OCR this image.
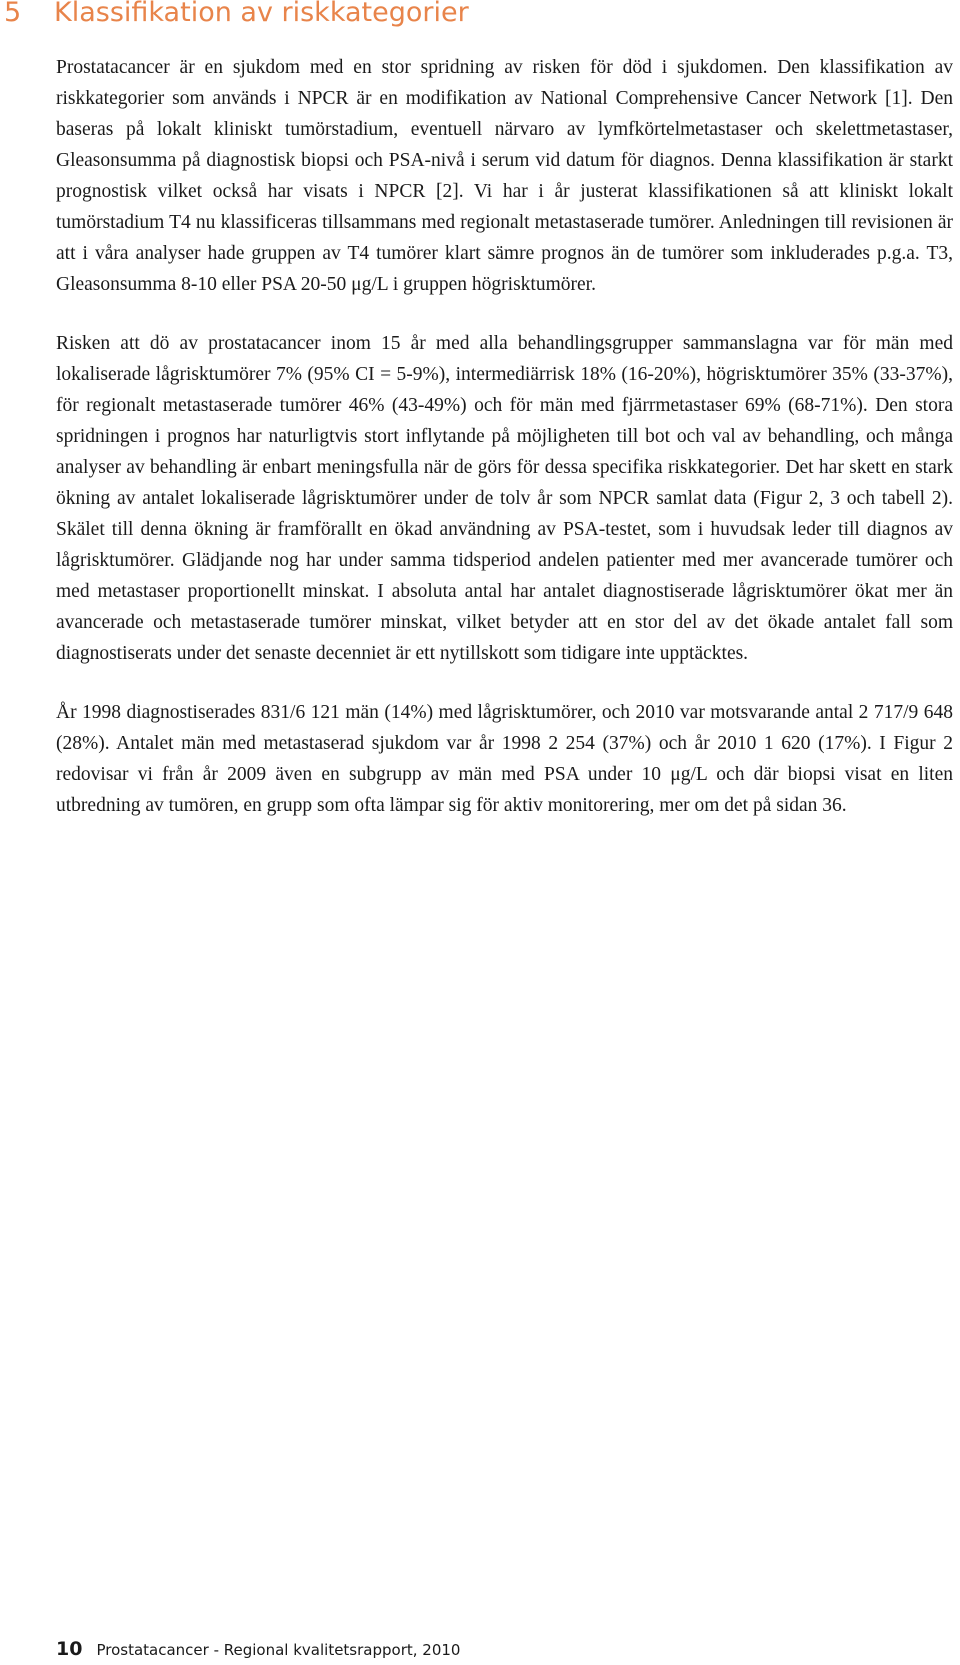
5 Klassifikation av riskkategorier

Prostatacancer är en sjukdom med en stor spridning av risken för död i sjukdomen. Den klassifikation av riskkategorier som används i NPCR är en modifikation av National Comprehensive Cancer Network [1]. Den baseras på lokalt kliniskt tumörstadium, eventuell närvaro av lymfkörtelmetastaser och skelettmetastaser, Gleasonsumma på diagnostisk biopsi och PSA-nivå i serum vid datum för diagnos. Denna klassifikation är starkt prognostisk vilket också har visats i NPCR [2]. Vi har i år justerat klassifikationen så att kliniskt lokalt tumörstadium T4 nu klassificeras tillsammans med regionalt metastaserade tumörer. Anledningen till revisionen är att i våra analyser hade gruppen av T4 tumörer klart sämre prognos än de tumörer som inkluderades p.g.a. T3, Gleasonsumma 8-10 eller PSA 20-50 μg/L i gruppen högrisktumörer.

Risken att dö av prostatacancer inom 15 år med alla behandlingsgrupper sammanslagna var för män med lokaliserade lågrisktumörer 7% (95% CI = 5-9%), intermediärrisk 18% (16-20%), högrisktumörer 35% (33-37%), för regionalt metastaserade tumörer 46% (43-49%) och för män med fjärrmetastaser 69% (68-71%). Den stora spridningen i prognos har naturligtvis stort inflytande på möjligheten till bot och val av behandling, och många analyser av behandling är enbart meningsfulla när de görs för dessa specifika riskkategorier. Det har skett en stark ökning av antalet lokaliserade lågrisktumörer under de tolv år som NPCR samlat data (Figur 2, 3 och tabell 2). Skälet till denna ökning är framförallt en ökad användning av PSA-testet, som i huvudsak leder till diagnos av lågrisktumörer. Glädjande nog har under samma tidsperiod andelen patienter med mer avancerade tumörer och med metastaser proportionellt minskat. I absoluta antal har antalet diagnostiserade lågrisktumörer ökat mer än avancerade och metastaserade tumörer minskat, vilket betyder att en stor del av det ökade antalet fall som diagnostiserats under det senaste decenniet är ett nytillskott som tidigare inte upptäcktes.

År 1998 diagnostiserades 831/6 121 män (14%) med lågrisktumörer, och 2010 var motsvarande antal 2 717/9 648 (28%). Antalet män med metastaserad sjukdom var år 1998 2 254 (37%) och år 2010 1 620 (17%). I Figur 2 redovisar vi från år 2009 även en subgrupp av män med PSA under 10 μg/L och där biopsi visat en liten utbredning av tumören, en grupp som ofta lämpar sig för aktiv monitorering, mer om det på sidan 36.

10 Prostatacancer - Regional kvalitetsrapport, 2010
